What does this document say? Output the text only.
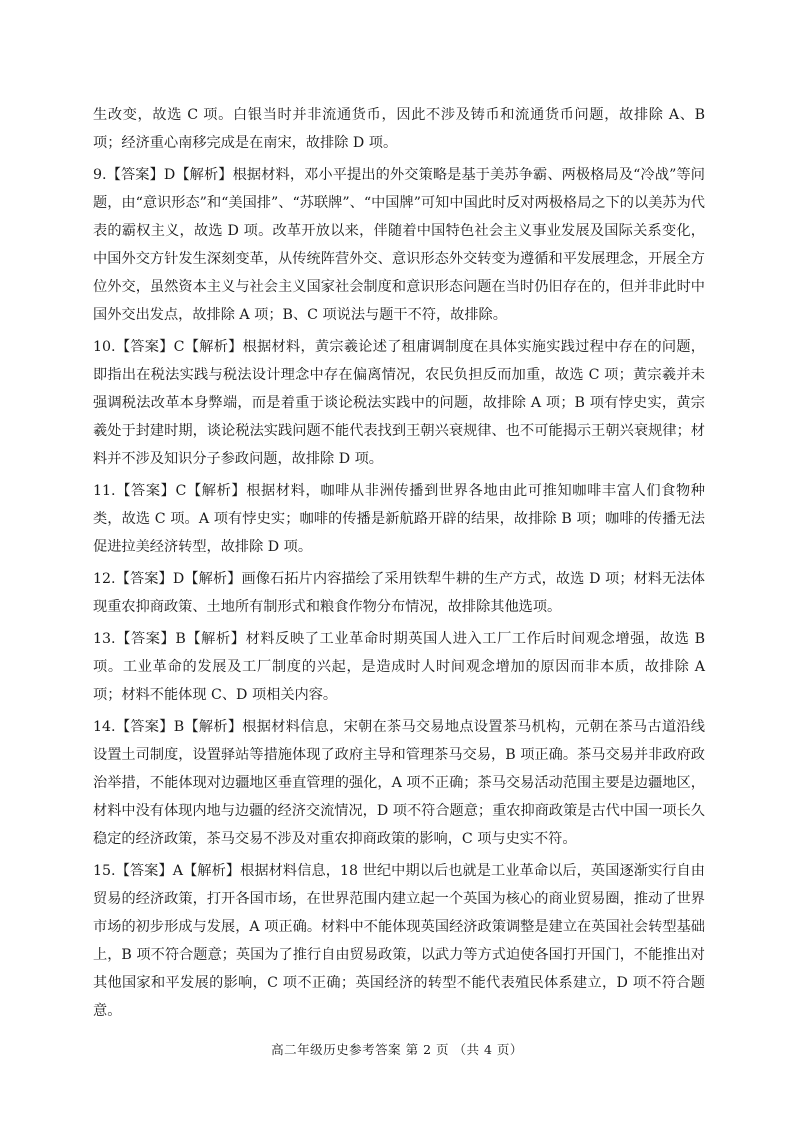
生改变，故选 C 项。白银当时并非流通货币，因此不涉及铸币和流通货币问题，故排除 A、B 项；经济重心南移完成是在南宋，故排除 D 项。

9.【答案】D【解析】根据材料，邓小平提出的外交策略是基于美苏争霸、两极格局及“冷战”等问题，由“意识形态”和“美国排”、“苏联牌”、“中国牌”可知中国此时反对两极格局之下的以美苏为代表的霸权主义，故选 D 项。改革开放以来，伴随着中国特色社会主义事业发展及国际关系变化，中国外交方针发生深刻变革，从传统阵营外交、意识形态外交转变为遵循和平发展理念，开展全方位外交，虽然资本主义与社会主义国家社会制度和意识形态问题在当时仍旧存在的，但并非此时中国外交出发点，故排除 A 项；B、C 项说法与题干不符，故排除。

10.【答案】C【解析】根据材料，黄宗羲论述了租庸调制度在具体实施实践过程中存在的问题，即指出在税法实践与税法设计理念中存在偏离情况，农民负担反而加重，故选 C 项；黄宗羲并未强调税法改革本身弊端，而是着重于谈论税法实践中的问题，故排除 A 项；B 项有悖史实，黄宗羲处于封建时期，谈论税法实践问题不能代表找到王朝兴衰规律、也不可能揭示王朝兴衰规律；材料并不涉及知识分子参政问题，故排除 D 项。

11.【答案】C【解析】根据材料，咖啡从非洲传播到世界各地由此可推知咖啡丰富人们食物种类，故选 C 项。A 项有悖史实；咖啡的传播是新航路开辟的结果，故排除 B 项；咖啡的传播无法促进拉美经济转型，故排除 D 项。

12.【答案】D【解析】画像石拓片内容描绘了采用铁犁牛耕的生产方式，故选 D 项；材料无法体现重农抑商政策、土地所有制形式和粮食作物分布情况，故排除其他选项。

13.【答案】B【解析】材料反映了工业革命时期英国人进入工厂工作后时间观念增强，故选 B 项。工业革命的发展及工厂制度的兴起，是造成时人时间观念增加的原因而非本质，故排除 A 项；材料不能体现 C、D 项相关内容。

14.【答案】B【解析】根据材料信息，宋朝在茶马交易地点设置茶马机构，元朝在茶马古道沿线设置土司制度，设置驿站等措施体现了政府主导和管理茶马交易，B 项正确。茶马交易并非政府政治举措，不能体现对边疆地区垂直管理的强化，A 项不正确；茶马交易活动范围主要是边疆地区，材料中没有体现内地与边疆的经济交流情况，D 项不符合题意；重农抑商政策是古代中国一项长久稳定的经济政策，茶马交易不涉及对重农抑商政策的影响，C 项与史实不符。

15.【答案】A【解析】根据材料信息，18 世纪中期以后也就是工业革命以后，英国逐渐实行自由贸易的经济政策，打开各国市场，在世界范围内建立起一个英国为核心的商业贸易圈，推动了世界市场的初步形成与发展，A 项正确。材料中不能体现英国经济政策调整是建立在英国社会转型基础上，B 项不符合题意；英国为了推行自由贸易政策，以武力等方式迫使各国打开国门，不能推出对其他国家和平发展的影响，C 项不正确；英国经济的转型不能代表殖民体系建立，D 项不符合题意。

高二年级历史参考答案 第 2 页 （共 4 页）
